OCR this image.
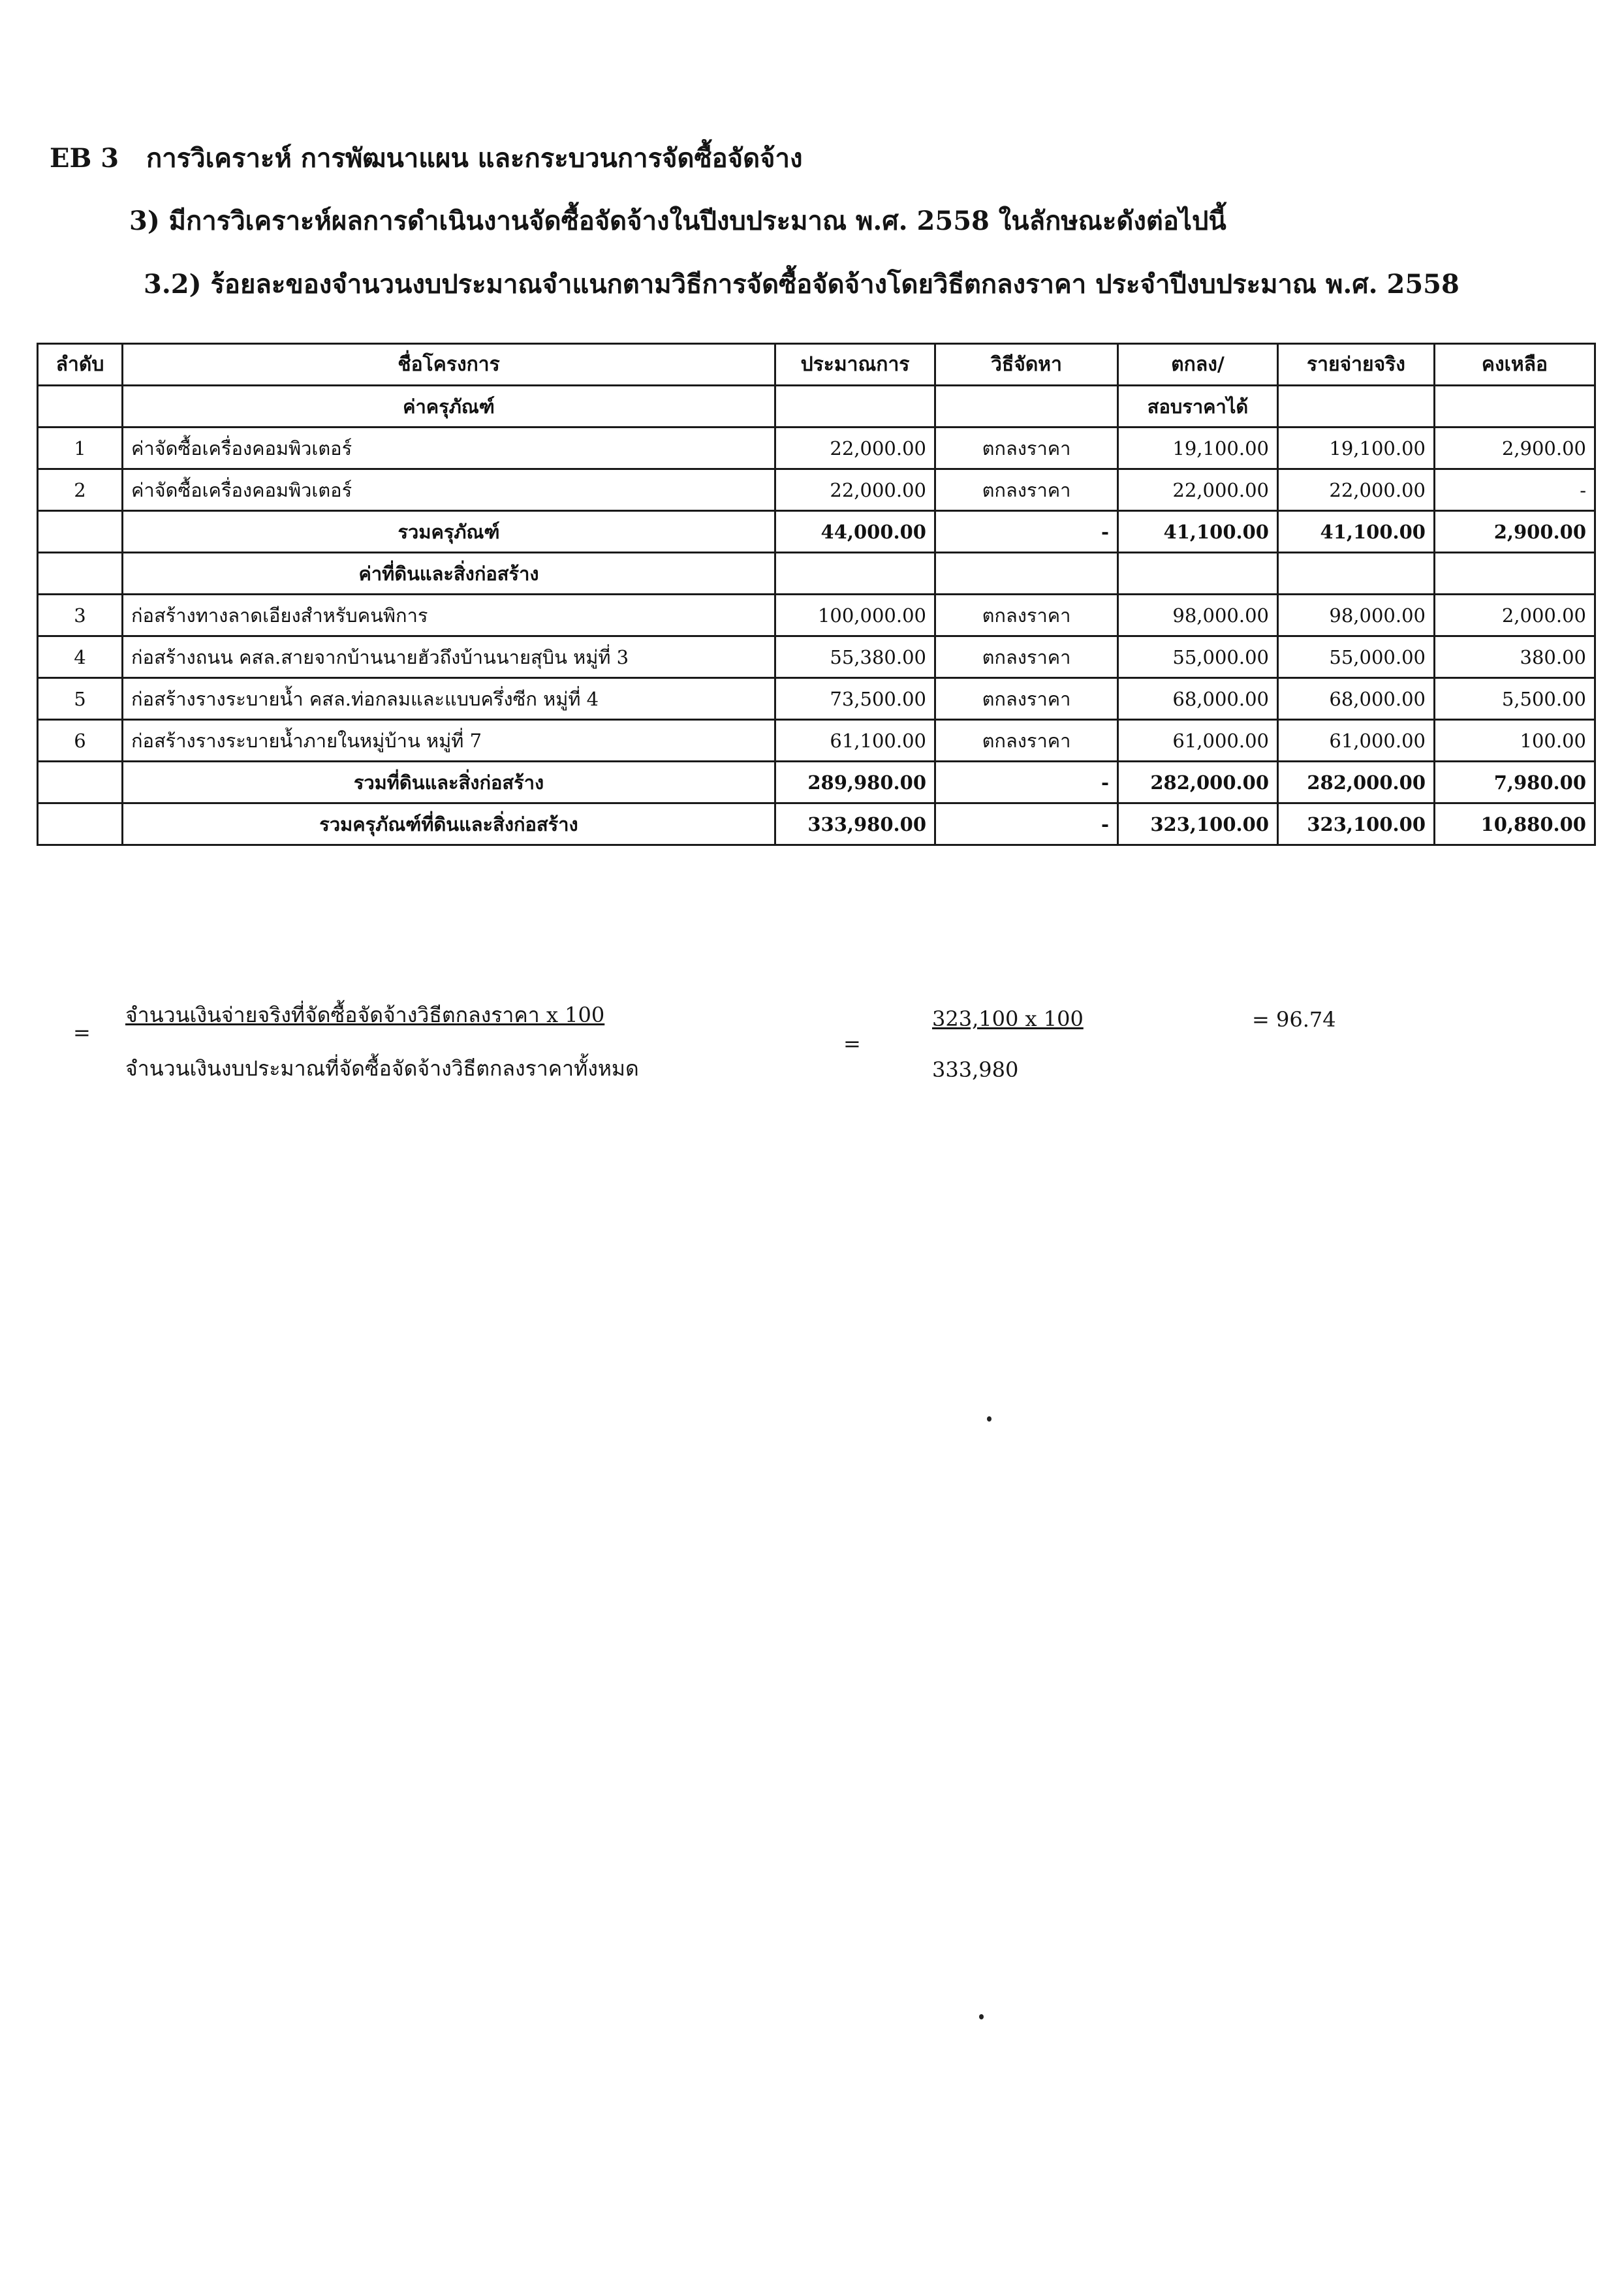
EB 3 การวิเคราะห์ การพัฒนาแผน และกระบวนการจัดซื้อจัดจ้าง
3) มีการวิเคราะห์ผลการดำเนินงานจัดซื้อจัดจ้างในปีงบประมาณ พ.ศ. 2558 ในลักษณะดังต่อไปนี้
3.2) ร้อยละของจำนวนงบประมาณจำแนกตามวิธีการจัดซื้อจัดจ้างโดยวิธีตกลงราคา ประจำปีงบประมาณ พ.ศ. 2558
ลำดับ	ชื่อโครงการ	ประมาณการ	วิธีจัดหา	ตกลง/	รายจ่ายจริง	คงเหลือ
	ค่าครุภัณฑ์			สอบราคาได้		
1	ค่าจัดซื้อเครื่องคอมพิวเตอร์	22,000.00	ตกลงราคา	19,100.00	19,100.00	2,900.00
2	ค่าจัดซื้อเครื่องคอมพิวเตอร์	22,000.00	ตกลงราคา	22,000.00	22,000.00	-
	รวมครุภัณฑ์	44,000.00	-	41,100.00	41,100.00	2,900.00
	ค่าที่ดินและสิ่งก่อสร้าง					
3	ก่อสร้างทางลาดเอียงสำหรับคนพิการ	100,000.00	ตกลงราคา	98,000.00	98,000.00	2,000.00
4	ก่อสร้างถนน คสล.สายจากบ้านนายฮัวถึงบ้านนายสุบิน หมู่ที่ 3	55,380.00	ตกลงราคา	55,000.00	55,000.00	380.00
5	ก่อสร้างรางระบายน้ำ คสล.ท่อกลมและแบบครึ่งซีก หมู่ที่ 4	73,500.00	ตกลงราคา	68,000.00	68,000.00	5,500.00
6	ก่อสร้างรางระบายน้ำภายในหมู่บ้าน หมู่ที่ 7	61,100.00	ตกลงราคา	61,000.00	61,000.00	100.00
	รวมที่ดินและสิ่งก่อสร้าง	289,980.00	-	282,000.00	282,000.00	7,980.00
	รวมครุภัณฑ์ที่ดินและสิ่งก่อสร้าง	333,980.00	-	323,100.00	323,100.00	10,880.00
=
จำนวนเงินจ่ายจริงที่จัดซื้อจัดจ้างวิธีตกลงราคา x 100
จำนวนเงินงบประมาณที่จัดซื้อจัดจ้างวิธีตกลงราคาทั้งหมด
=
323,100 x 100
333,980
= 96.74
